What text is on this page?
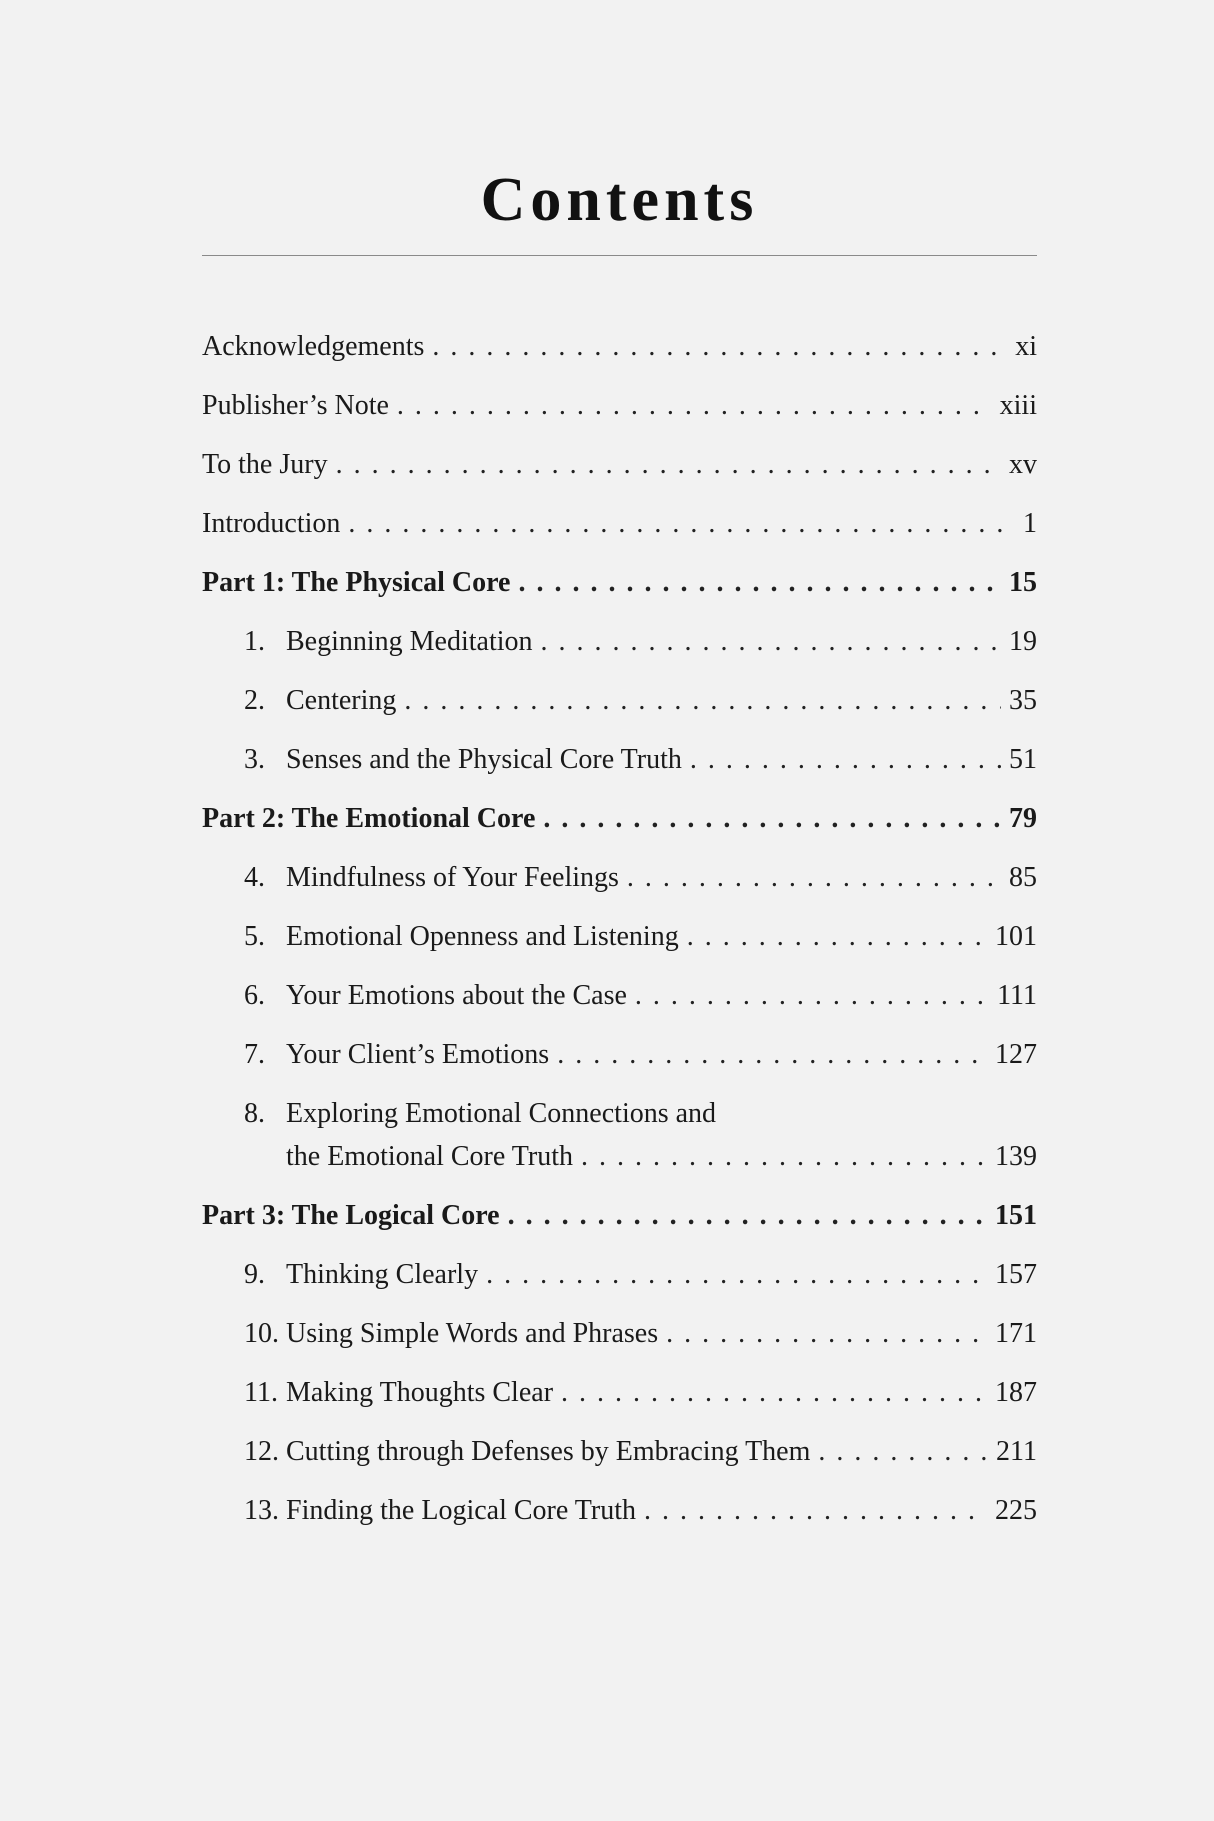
Contents
Acknowledgements . . .	xi
Publisher’s Note . . .	xiii
To the Jury . . .	xv
Introduction . . .	1
Part 1: The Physical Core . . .	15
1. Beginning Meditation . . .	19
2. Centering . . .	35
3. Senses and the Physical Core Truth . . .	51
Part 2: The Emotional Core . . .	79
4. Mindfulness of Your Feelings . . .	85
5. Emotional Openness and Listening . . .	101
6. Your Emotions about the Case . . .	111
7. Your Client’s Emotions . . .	127
8. Exploring Emotional Connections and
the Emotional Core Truth . . .	139
Part 3: The Logical Core . . .	151
9. Thinking Clearly . . .	157
10. Using Simple Words and Phrases . . .	171
11. Making Thoughts Clear . . .	187
12. Cutting through Defenses by Embracing Them . . .	211
13. Finding the Logical Core Truth . . .	225
